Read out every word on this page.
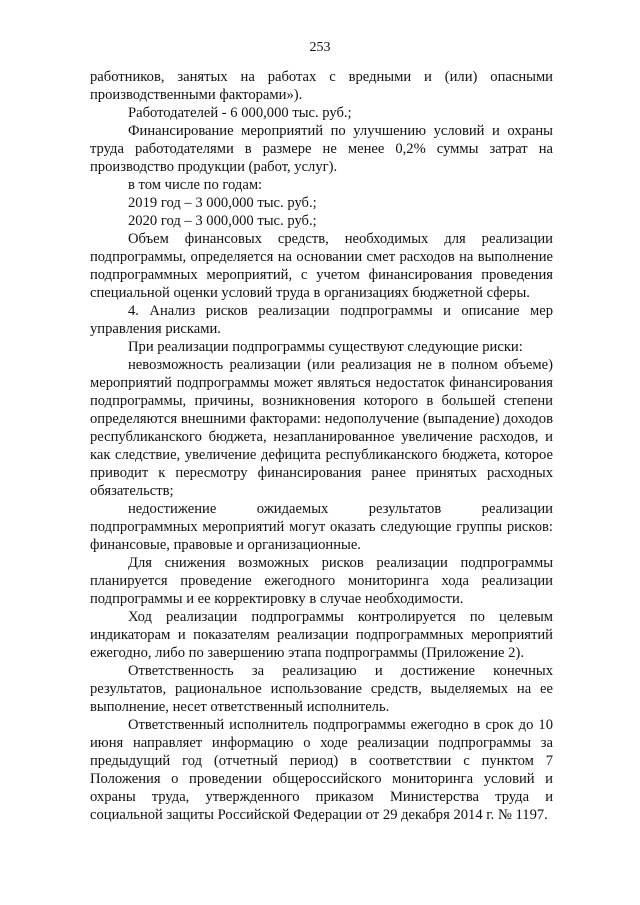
253

работников, занятых на работах с вредными и (или) опасными производственными факторами»).

Работодателей - 6 000,000 тыс. руб.;

Финансирование мероприятий по улучшению условий и охраны труда работодателями в размере не менее 0,2% суммы затрат на производство продукции (работ, услуг).

в том числе по годам:

2019 год – 3 000,000 тыс. руб.;

2020 год – 3 000,000 тыс. руб.;

Объем финансовых средств, необходимых для реализации подпрограммы, определяется на основании смет расходов на выполнение подпрограммных мероприятий, с учетом финансирования проведения специальной оценки условий труда в организациях бюджетной сферы.

4. Анализ рисков реализации подпрограммы и описание мер управления рисками.

При реализации подпрограммы существуют следующие риски:

невозможность реализации (или реализация не в полном объеме) мероприятий подпрограммы может являться недостаток финансирования подпрограммы, причины, возникновения которого в большей степени определяются внешними факторами: недополучение (выпадение) доходов республиканского бюджета, незапланированное увеличение расходов, и как следствие, увеличение дефицита республиканского бюджета, которое приводит к пересмотру финансирования ранее принятых расходных обязательств;

недостижение ожидаемых результатов реализации подпрограммных мероприятий могут оказать следующие группы рисков: финансовые, правовые и организационные.

Для снижения возможных рисков реализации подпрограммы планируется проведение ежегодного мониторинга хода реализации подпрограммы и ее корректировку в случае необходимости.

Ход реализации подпрограммы контролируется по целевым индикаторам и показателям реализации подпрограммных мероприятий ежегодно, либо по завершению этапа подпрограммы (Приложение 2).

Ответственность за реализацию и достижение конечных результатов, рациональное использование средств, выделяемых на ее выполнение, несет ответственный исполнитель.

Ответственный исполнитель подпрограммы ежегодно в срок до 10 июня направляет информацию о ходе реализации подпрограммы за предыдущий год (отчетный период) в соответствии с пунктом 7 Положения о проведении общероссийского мониторинга условий и охраны труда, утвержденного приказом Министерства труда и социальной защиты Российской Федерации от 29 декабря 2014 г. № 1197.
